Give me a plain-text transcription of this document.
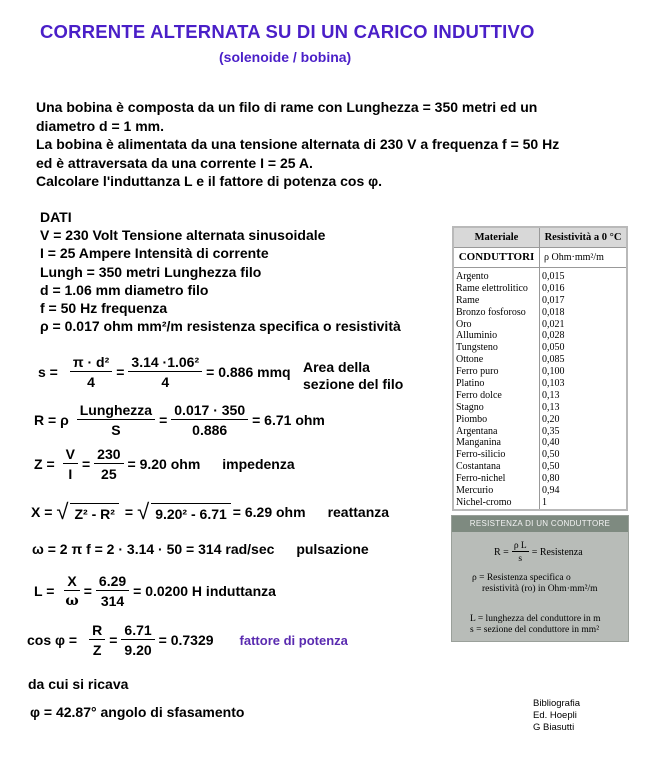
CORRENTE ALTERNATA SU DI UN CARICO INDUTTIVO
(solenoide / bobina)
Una bobina è composta da un filo di rame con Lunghezza = 350 metri ed un
diametro d = 1 mm.
La bobina è alimentata da una tensione alternata di 230 V a frequenza f = 50 Hz
ed è attraversata da una corrente I = 25 A.
Calcolare l'induttanza L e il fattore di potenza cos φ.
DATI
V = 230 Volt Tensione alternata sinusoidale
I = 25 Ampere Intensità di corrente
Lungh = 350 metri Lunghezza filo
d = 1.06 mm diametro filo
f = 50 Hz frequenza
ρ = 0.017 ohm mm²/m resistenza specifica o resistività
$s = \frac{\text{π · d²}}{4} = \frac{\text{3.14 ·1.06²}}{4} = 0.886$ mmq Area della
sezione del filo
R = ρ $\frac{\text{Lunghezza}}{S} = \frac{0.017 \cdot 350}{0.886} = 6.71$ ohm
$Z = \frac{V}{I} = \frac{230}{25} = 9.20$ ohm impedenza
X = √ Z² - R² = √ 9.20² - 6.71 = 6.29 ohm reattanza
ω = 2 π f = 2 · 3.14 · 50 = 314 rad/sec pulsazione
$L = \frac{X}{\omega} = \frac{6.29}{314} = 0.0200$ H induttanza
$\cos \varphi = \frac{R}{Z} = \frac{6.71}{9.20} = 0.7329$ fattore di potenza
da cui si ricava
φ = 42.87° angolo di sfasamento
Materiale	Resistività a 0 °C
CONDUTTORI ρ Ohm·mm²/m
Argento
Rame elettrolitico
Rame
Bronzo fosforoso
Oro
Alluminio
Tungsteno
Ottone
Ferro puro
Platino
Ferro dolce
Stagno
Piombo
Argentana
Manganina
Ferro-silicio
Costantana
Ferro-nichel
Mercurio
Nichel-cromo
0,015
0,016
0,017
0,018
0,021
0,028
0,050
0,085
0,100
0,103
0,13
0,13
0,20
0,35
0,40
0,50
0,50
0,80
0,94
1
RESISTENZA DI UN CONDUTTORE
$R = \frac{\text{ρ L}}{s}$ = Resistenza
ρ = Resistenza specifica o
resistività (ro) in Ohm·mm²/m
L = lunghezza del conduttore in m
s = sezione del conduttore in mm²
Bibliografia
Ed. Hoepli
G Biasutti
